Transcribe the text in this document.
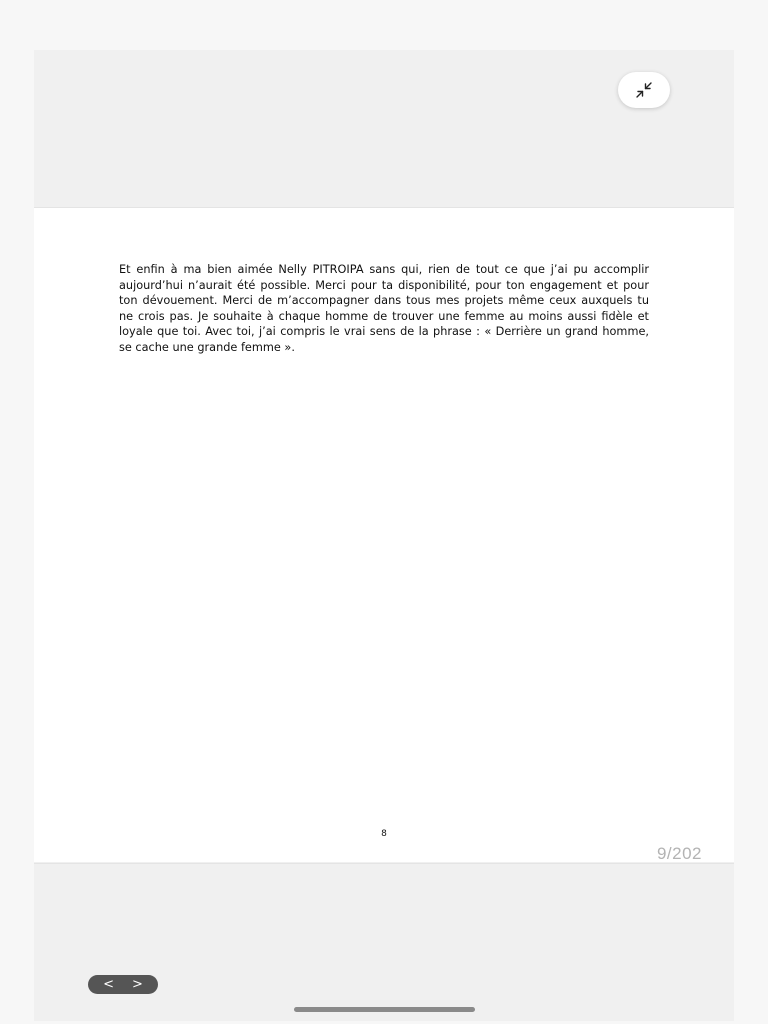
Et enfin à ma bien aimée Nelly PITROIPA sans qui, rien de tout ce que j’ai pu accomplir aujourd’hui n’aurait été possible. Merci pour ta disponibilité, pour ton engagement et pour ton dévouement. Merci de m’accompagner dans tous mes projets même ceux auxquels tu ne crois pas. Je souhaite à chaque homme de trouver une femme au moins aussi fidèle et loyale que toi. Avec toi, j’ai compris le vrai sens de la phrase : « Derrière un grand homme, se cache une grande femme ».

8
9/202
< >
